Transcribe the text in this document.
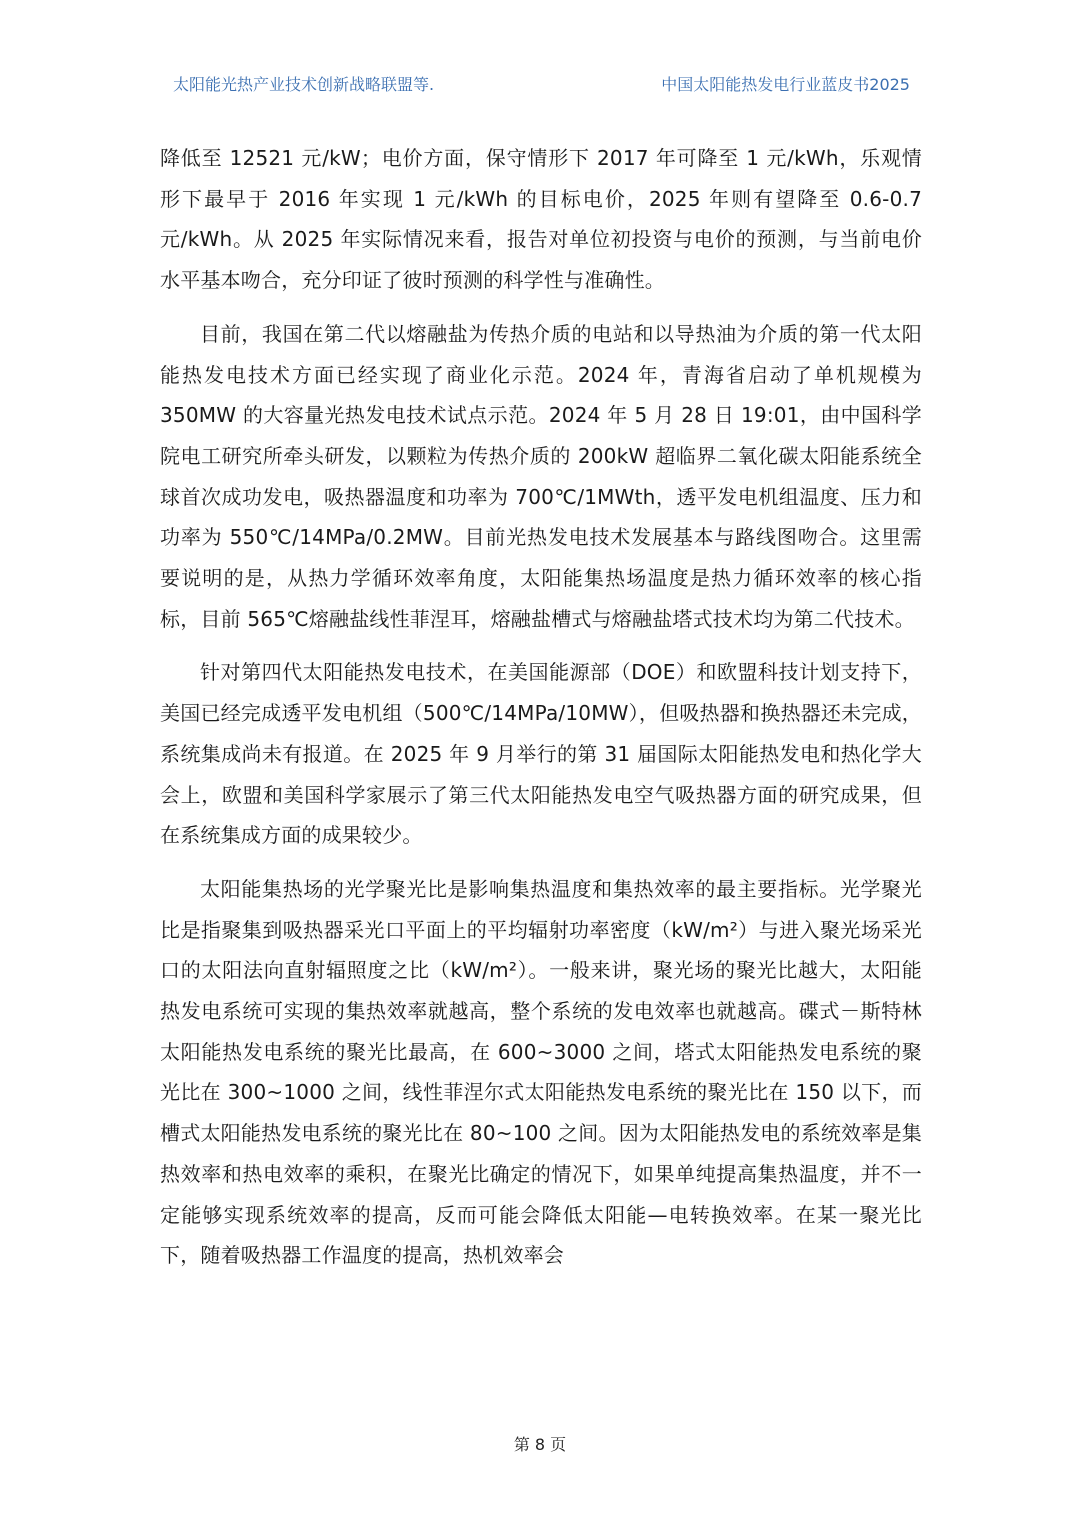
太阳能光热产业技术创新战略联盟等.	中国太阳能热发电行业蓝皮书2025

降低至 12521 元/kW；电价方面，保守情形下 2017 年可降至 1 元/kWh，乐观情形下最早于 2016 年实现 1 元/kWh 的目标电价，2025 年则有望降至 0.6-0.7 元/kWh。从 2025 年实际情况来看，报告对单位初投资与电价的预测，与当前电价水平基本吻合，充分印证了彼时预测的科学性与准确性。

目前，我国在第二代以熔融盐为传热介质的电站和以导热油为介质的第一代太阳能热发电技术方面已经实现了商业化示范。2024 年，青海省启动了单机规模为 350MW 的大容量光热发电技术试点示范。2024 年 5 月 28 日 19:01，由中国科学院电工研究所牵头研发，以颗粒为传热介质的 200kW 超临界二氧化碳太阳能系统全球首次成功发电，吸热器温度和功率为 700℃/1MWth，透平发电机组温度、压力和功率为 550℃/14MPa/0.2MW。目前光热发电技术发展基本与路线图吻合。这里需要说明的是，从热力学循环效率角度，太阳能集热场温度是热力循环效率的核心指标，目前 565℃熔融盐线性菲涅耳，熔融盐槽式与熔融盐塔式技术均为第二代技术。

针对第四代太阳能热发电技术，在美国能源部（DOE）和欧盟科技计划支持下，美国已经完成透平发电机组（500℃/14MPa/10MW），但吸热器和换热器还未完成，系统集成尚未有报道。在 2025 年 9 月举行的第 31 届国际太阳能热发电和热化学大会上，欧盟和美国科学家展示了第三代太阳能热发电空气吸热器方面的研究成果，但在系统集成方面的成果较少。

太阳能集热场的光学聚光比是影响集热温度和集热效率的最主要指标。光学聚光比是指聚集到吸热器采光口平面上的平均辐射功率密度（kW/m²）与进入聚光场采光口的太阳法向直射辐照度之比（kW/m²）。一般来讲，聚光场的聚光比越大，太阳能热发电系统可实现的集热效率就越高，整个系统的发电效率也就越高。碟式－斯特林太阳能热发电系统的聚光比最高，在 600~3000 之间，塔式太阳能热发电系统的聚光比在 300~1000 之间，线性菲涅尔式太阳能热发电系统的聚光比在 150 以下，而槽式太阳能热发电系统的聚光比在 80~100 之间。因为太阳能热发电的系统效率是集热效率和热电效率的乘积，在聚光比确定的情况下，如果单纯提高集热温度，并不一定能够实现系统效率的提高，反而可能会降低太阳能—电转换效率。在某一聚光比下，随着吸热器工作温度的提高，热机效率会

第 8 页
